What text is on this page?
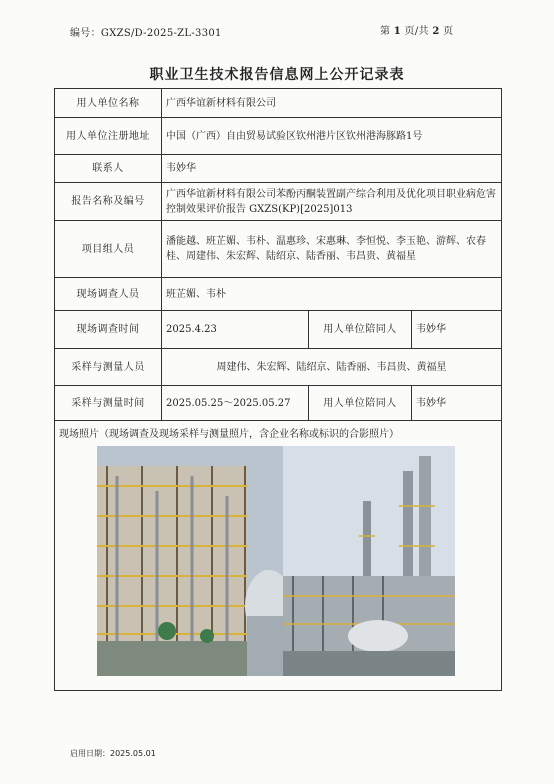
编号：GXZS/D-2025-ZL-3301	第 1 页/共 2 页
职业卫生技术报告信息网上公开记录表
用人单位名称	广西华谊新材料有限公司		
用人单位注册地址	中国（广西）自由贸易试验区钦州港片区钦州港海豚路1号		
联系人	韦妙华		
报告名称及编号	广西华谊新材料有限公司苯酚丙酮装置副产综合利用及优化项目职业病危害控制效果评价报告 GXZS(KP)[2025]013		
项目组人员	潘能越、班芷媚、韦朴、温惠珍、宋惠琳、李恒悦、李玉艳、游辉、农春桂、周建伟、朱宏辉、陆绍京、陆香丽、韦昌贵、黄福星		
现场调查人员	班芷媚、韦朴		
现场调查时间	2025.4.23	用人单位陪同人	韦妙华
采样与测量人员	周建伟、朱宏辉、陆绍京、陆香丽、韦昌贵、黄福星		
采样与测量时间	2025.05.25～2025.05.27	用人单位陪同人	韦妙华

现场照片（现场调查及现场采样与测量照片，含企业名称或标识的合影照片）			
启用日期：2025.05.01
